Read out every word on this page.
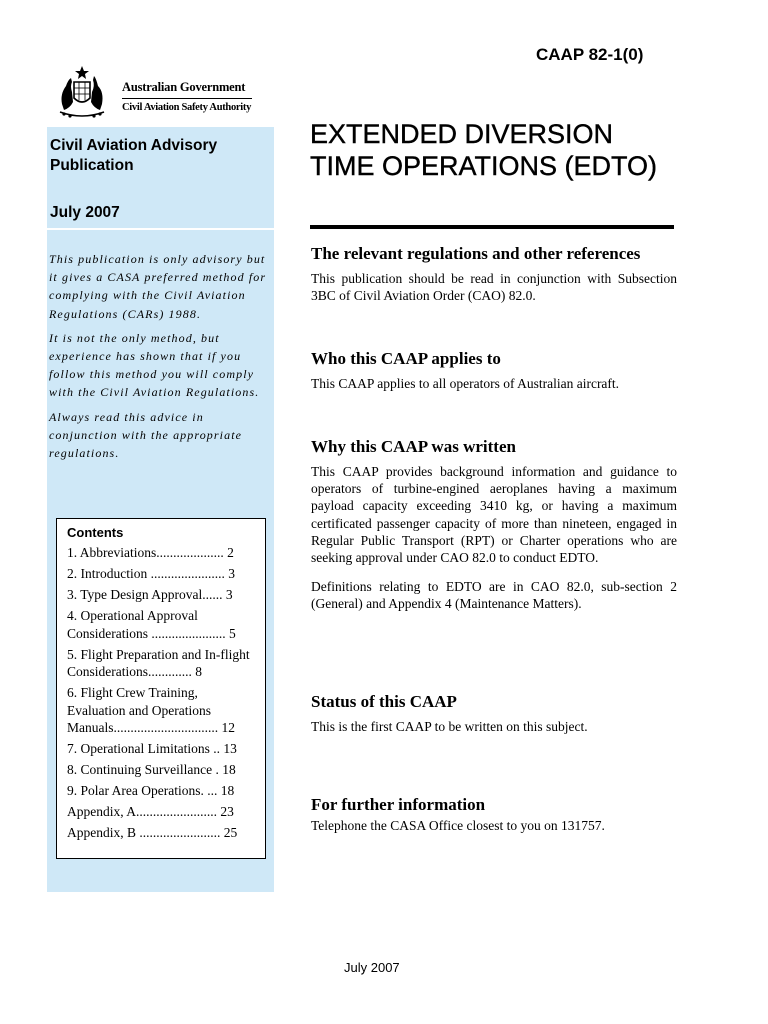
CAAP 82-1(0)
Australian Government
Civil Aviation Safety Authority
Civil Aviation Advisory Publication
July 2007

This publication is only advisory but it gives a CASA preferred method for complying with the Civil Aviation Regulations (CARs) 1988.

It is not the only method, but experience has shown that if you follow this method you will comply with the Civil Aviation Regulations.

Always read this advice in conjunction with the appropriate regulations.

Contents
1. Abbreviations.................... 2
2. Introduction ...................... 3
3. Type Design Approval...... 3
4. Operational Approval Considerations ...................... 5
5. Flight Preparation and In-flight Considerations............. 8
6. Flight Crew Training, Evaluation and Operations Manuals............................... 12
7. Operational Limitations .. 13
8. Continuing Surveillance . 18
9. Polar Area Operations. ... 18
Appendix, A........................ 23
Appendix, B ........................ 25
EXTENDED DIVERSION TIME OPERATIONS (EDTO)
The relevant regulations and other references

This publication should be read in conjunction with Subsection 3BC of Civil Aviation Order (CAO) 82.0.

Who this CAAP applies to

This CAAP applies to all operators of Australian aircraft.

Why this CAAP was written

This CAAP provides background information and guidance to operators of turbine-engined aeroplanes having a maximum payload capacity exceeding 3410 kg, or having a maximum certificated passenger capacity of more than nineteen, engaged in Regular Public Transport (RPT) or Charter operations who are seeking approval under CAO 82.0 to conduct EDTO.

Definitions relating to EDTO are in CAO 82.0, sub-section 2 (General) and Appendix 4 (Maintenance Matters).

Status of this CAAP

This is the first CAAP to be written on this subject.

For further information

Telephone the CASA Office closest to you on 131757.

July 2007
